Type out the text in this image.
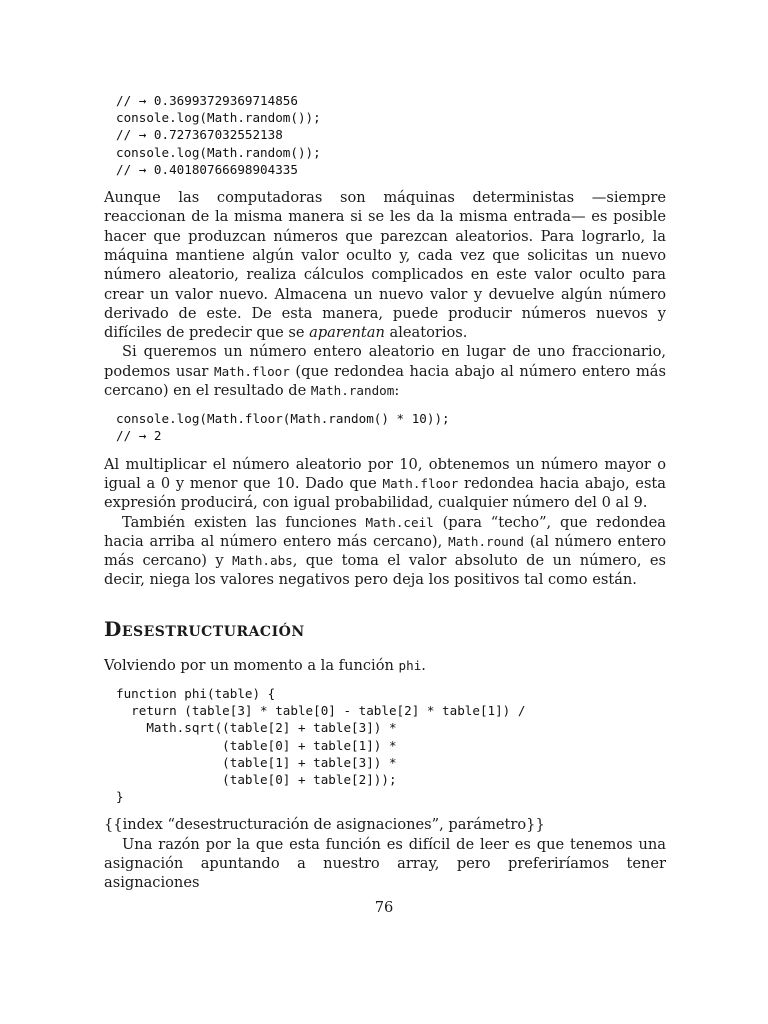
// → 0.36993729369714856
console.log(Math.random());
// → 0.727367032552138
console.log(Math.random());
// → 0.40180766698904335

Aunque las computadoras son máquinas deterministas —siempre reaccionan de la misma manera si se les da la misma entrada— es posible hacer que produzcan números que parezcan aleatorios. Para lograrlo, la máquina mantiene algún valor oculto y, cada vez que solicitas un nuevo número aleatorio, realiza cálculos complicados en este valor oculto para crear un valor nuevo. Almacena un nuevo valor y devuelve algún número derivado de este. De esta manera, puede producir números nuevos y difíciles de predecir que se aparentan aleatorios.

Si queremos un número entero aleatorio en lugar de uno fraccionario, podemos usar Math.floor (que redondea hacia abajo al número entero más cercano) en el resultado de Math.random:

console.log(Math.floor(Math.random() * 10));
// → 2

Al multiplicar el número aleatorio por 10, obtenemos un número mayor o igual a 0 y menor que 10. Dado que Math.floor redondea hacia abajo, esta expresión producirá, con igual probabilidad, cualquier número del 0 al 9.

También existen las funciones Math.ceil (para “techo”, que redondea hacia arriba al número entero más cercano), Math.round (al número entero más cercano) y Math.abs, que toma el valor absoluto de un número, es decir, niega los valores negativos pero deja los positivos tal como están.

Desestructuración

Volviendo por un momento a la función phi.

function phi(table) {
return (table[3] * table[0] - table[2] * table[1]) /
Math.sqrt((table[2] + table[3]) *
(table[0] + table[1]) *
(table[1] + table[3]) *
(table[0] + table[2]));
}

{{index “desestructuración de asignaciones”, parámetro}}

Una razón por la que esta función es difícil de leer es que tenemos una asignación apuntando a nuestro array, pero preferiríamos tener asignaciones

76
